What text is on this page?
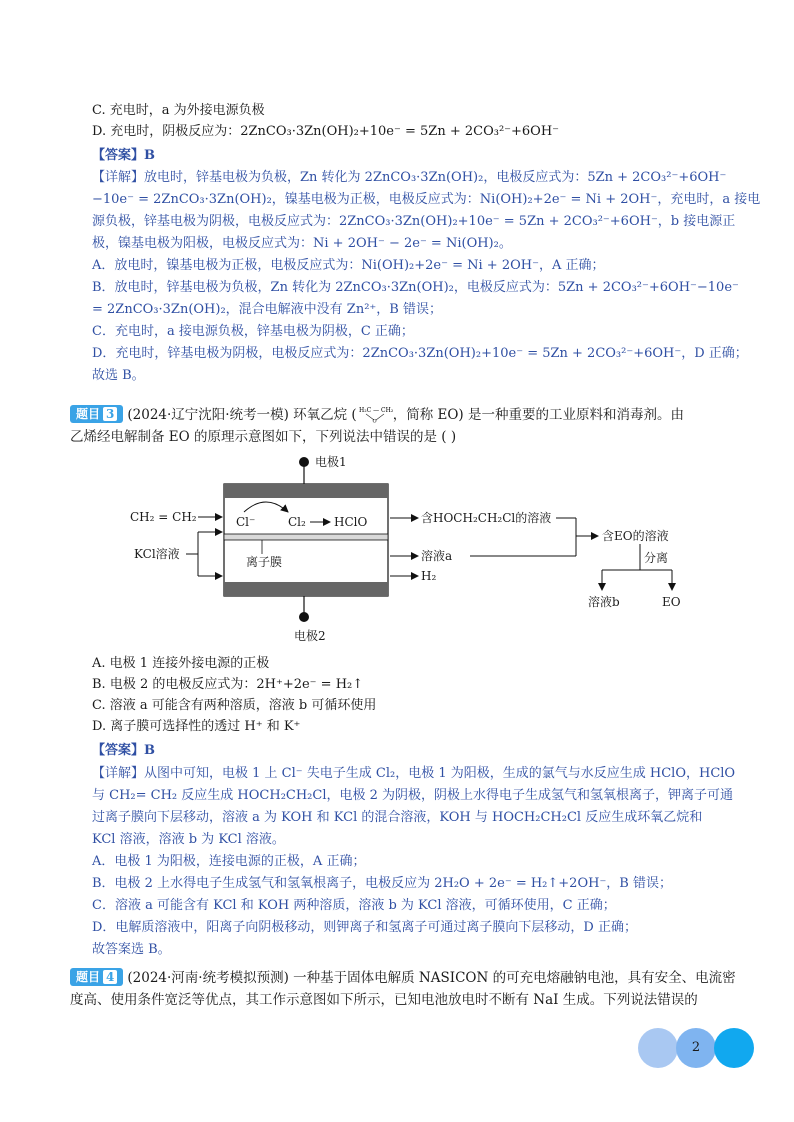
C. 充电时，a 为外接电源负极
D. 充电时，阴极反应为：2ZnCO₃·3Zn(OH)₂+10e⁻ = 5Zn + 2CO₃²⁻+6OH⁻
【答案】B
【详解】放电时，锌基电极为负极，Zn 转化为 2ZnCO₃·3Zn(OH)₂，电极反应式为：5Zn + 2CO₃²⁻+6OH⁻
−10e⁻ = 2ZnCO₃·3Zn(OH)₂，镍基电极为正极，电极反应式为：Ni(OH)₂+2e⁻ = Ni + 2OH⁻，充电时，a 接电
源负极，锌基电极为阴极，电极反应式为：2ZnCO₃·3Zn(OH)₂+10e⁻ = 5Zn + 2CO₃²⁻+6OH⁻，b 接电源正
极，镍基电极为阳极，电极反应式为：Ni + 2OH⁻ − 2e⁻ = Ni(OH)₂。
A．放电时，镍基电极为正极，电极反应式为：Ni(OH)₂+2e⁻ = Ni + 2OH⁻，A 正确；
B．放电时，锌基电极为负极，Zn 转化为 2ZnCO₃·3Zn(OH)₂，电极反应式为：5Zn + 2CO₃²⁻+6OH⁻−10e⁻
= 2ZnCO₃·3Zn(OH)₂，混合电解液中没有 Zn²⁺，B 错误；
C．充电时，a 接电源负极，锌基电极为阴极，C 正确；
D．充电时，锌基电极为阴极，电极反应式为：2ZnCO₃·3Zn(OH)₂+10e⁻ = 5Zn + 2CO₃²⁻+6OH⁻，D 正确；
故选 B。
题目 3 (2024·辽宁沈阳·统考一模) 环氧乙烷 ( H₂C — CH₂
O ，简称 EO) 是一种重要的工业原料和消毒剂。由
乙烯经电解制备 EO 的原理示意图如下，下列说法中错误的是 ( )
电极1
电极2
CH₂ = CH₂
KCl溶液
Cl⁻	Cl₂ HClO
离子膜
含HOCH₂CH₂Cl的溶液
溶液a
H₂
含EO的溶液
分离
溶液b	EO
A. 电极 1 连接外接电源的正极
B. 电极 2 的电极反应式为：2H⁺+2e⁻ = H₂↑
C. 溶液 a 可能含有两种溶质，溶液 b 可循环使用
D. 离子膜可选择性的透过 H⁺ 和 K⁺
【答案】B
【详解】从图中可知，电极 1 上 Cl⁻ 失电子生成 Cl₂，电极 1 为阳极，生成的氯气与水反应生成 HClO，HClO
与 CH₂= CH₂ 反应生成 HOCH₂CH₂Cl，电极 2 为阴极，阴极上水得电子生成氢气和氢氧根离子，钾离子可通
过离子膜向下层移动，溶液 a 为 KOH 和 KCl 的混合溶液，KOH 与 HOCH₂CH₂Cl 反应生成环氧乙烷和
KCl 溶液，溶液 b 为 KCl 溶液。
A．电极 1 为阳极，连接电源的正极，A 正确；
B．电极 2 上水得电子生成氢气和氢氧根离子，电极反应为 2H₂O + 2e⁻ = H₂↑+2OH⁻，B 错误；
C．溶液 a 可能含有 KCl 和 KOH 两种溶质，溶液 b 为 KCl 溶液，可循环使用，C 正确；
D．电解质溶液中，阳离子向阴极移动，则钾离子和氢离子可通过离子膜向下层移动，D 正确；
故答案选 B。
题目 4 (2024·河南·统考模拟预测) 一种基于固体电解质 NASICON 的可充电熔融钠电池，具有安全、电流密
度高、使用条件宽泛等优点，其工作示意图如下所示，已知电池放电时不断有 NaI 生成。下列说法错误的
2
